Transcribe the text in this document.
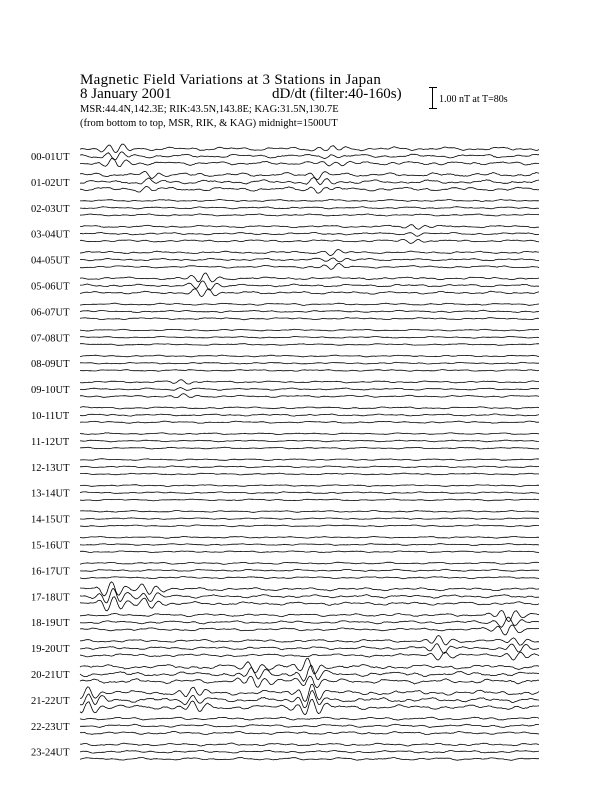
Magnetic Field Variations at 3 Stations in Japan
8 January 2001	dD/dt (filter:40-160s)
MSR:44.4N,142.3E; RIK:43.5N,143.8E; KAG:31.5N,130.7E
(from bottom to top, MSR, RIK, & KAG) midnight=1500UT
1.00 nT at T=80s
00-01UT
01-02UT
02-03UT
03-04UT
04-05UT
05-06UT
06-07UT
07-08UT
08-09UT
09-10UT
10-11UT
11-12UT
12-13UT
13-14UT
14-15UT
15-16UT
16-17UT
17-18UT
18-19UT
19-20UT
20-21UT
21-22UT
22-23UT
23-24UT
